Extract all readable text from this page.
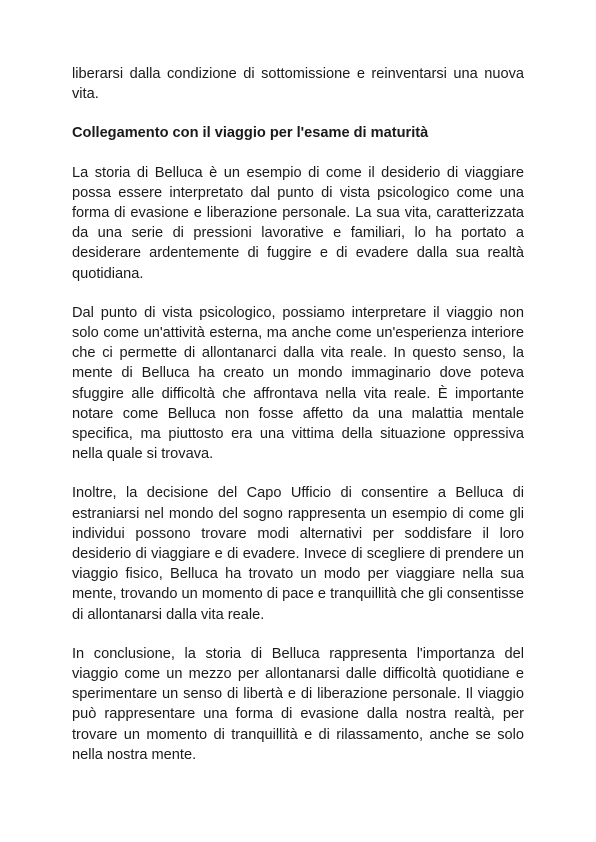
liberarsi dalla condizione di sottomissione e reinventarsi una nuova vita.

Collegamento con il viaggio per l'esame di maturità

La storia di Belluca è un esempio di come il desiderio di viaggiare possa essere interpretato dal punto di vista psicologico come una forma di evasione e liberazione personale. La sua vita, caratterizzata da una serie di pressioni lavorative e familiari, lo ha portato a desiderare ardentemente di fuggire e di evadere dalla sua realtà quotidiana.

Dal punto di vista psicologico, possiamo interpretare il viaggio non solo come un'attività esterna, ma anche come un'esperienza interiore che ci permette di allontanarci dalla vita reale. In questo senso, la mente di Belluca ha creato un mondo immaginario dove poteva sfuggire alle difficoltà che affrontava nella vita reale. È importante notare come Belluca non fosse affetto da una malattia mentale specifica, ma piuttosto era una vittima della situazione oppressiva nella quale si trovava.

Inoltre, la decisione del Capo Ufficio di consentire a Belluca di estraniarsi nel mondo del sogno rappresenta un esempio di come gli individui possono trovare modi alternativi per soddisfare il loro desiderio di viaggiare e di evadere. Invece di scegliere di prendere un viaggio fisico, Belluca ha trovato un modo per viaggiare nella sua mente, trovando un momento di pace e tranquillità che gli consentisse di allontanarsi dalla vita reale.

In conclusione, la storia di Belluca rappresenta l'importanza del viaggio come un mezzo per allontanarsi dalle difficoltà quotidiane e sperimentare un senso di libertà e di liberazione personale. Il viaggio può rappresentare una forma di evasione dalla nostra realtà, per trovare un momento di tranquillità e di rilassamento, anche se solo nella nostra mente.
